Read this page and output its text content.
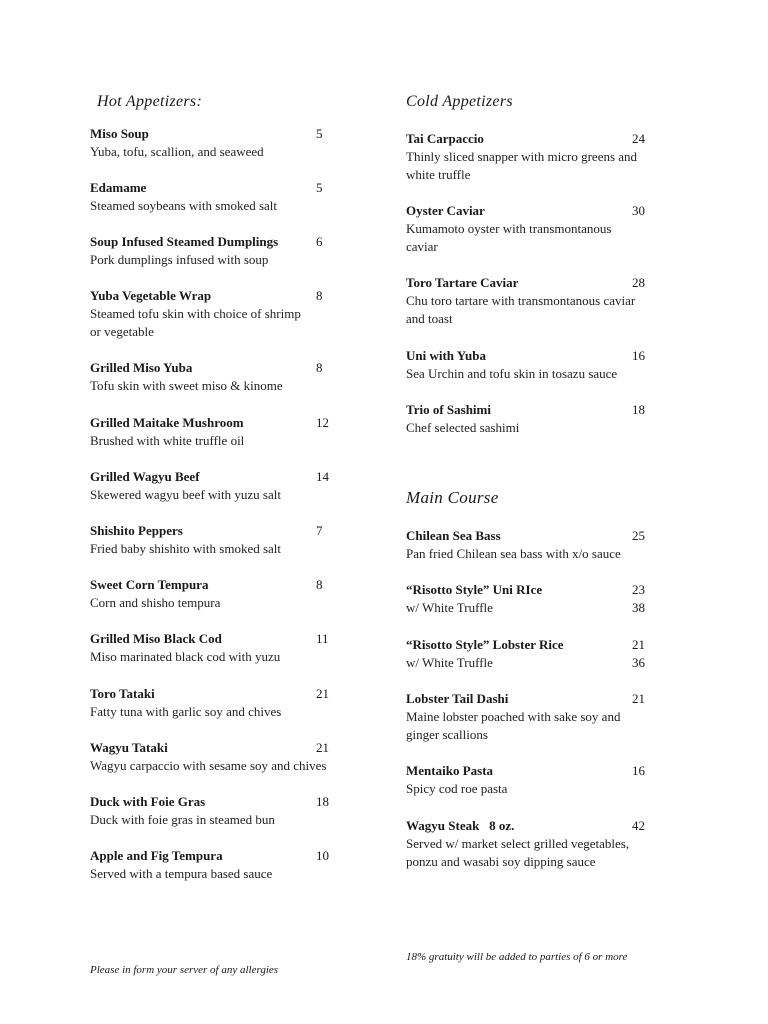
Hot Appetizers:
Miso Soup	5
Yuba, tofu, scallion, and seaweed
Edamame	5
Steamed soybeans with smoked salt
Soup Infused Steamed Dumplings	6
Pork dumplings infused with soup
Yuba Vegetable Wrap	8
Steamed tofu skin with choice of shrimp
or vegetable
Grilled Miso Yuba	8
Tofu skin with sweet miso & kinome
Grilled Maitake Mushroom	12
Brushed with white truffle oil
Grilled Wagyu Beef	14
Skewered wagyu beef with yuzu salt
Shishito Peppers	7
Fried baby shishito with smoked salt
Sweet Corn Tempura	8
Corn and shisho tempura
Grilled Miso Black Cod	11
Miso marinated black cod with yuzu
Toro Tataki	21
Fatty tuna with garlic soy and chives
Wagyu Tataki	21
Wagyu carpaccio with sesame soy and chives
Duck with Foie Gras	18
Duck with foie gras in steamed bun
Apple and Fig Tempura	10
Served with a tempura based sauce
Please in form your server of any allergies
Cold Appetizers
Tai Carpaccio	24
Thinly sliced snapper with micro greens and
white truffle
Oyster Caviar	30
Kumamoto oyster with transmontanous
caviar
Toro Tartare Caviar	28
Chu toro tartare with transmontanous caviar
and toast
Uni with Yuba	16
Sea Urchin and tofu skin in tosazu sauce
Trio of Sashimi	18
Chef selected sashimi
Main Course
Chilean Sea Bass	25
Pan fried Chilean sea bass with x/o sauce
“Risotto Style” Uni RIce	23
w/ White Truffle	38
“Risotto Style” Lobster Rice	21
w/ White Truffle	36
Lobster Tail Dashi	21
Maine lobster poached with sake soy and
ginger scallions
Mentaiko Pasta	16
Spicy cod roe pasta
Wagyu Steak   8 oz.	42
Served w/ market select grilled vegetables,
ponzu and wasabi soy dipping sauce
18% gratuity will be added to parties of 6 or more
